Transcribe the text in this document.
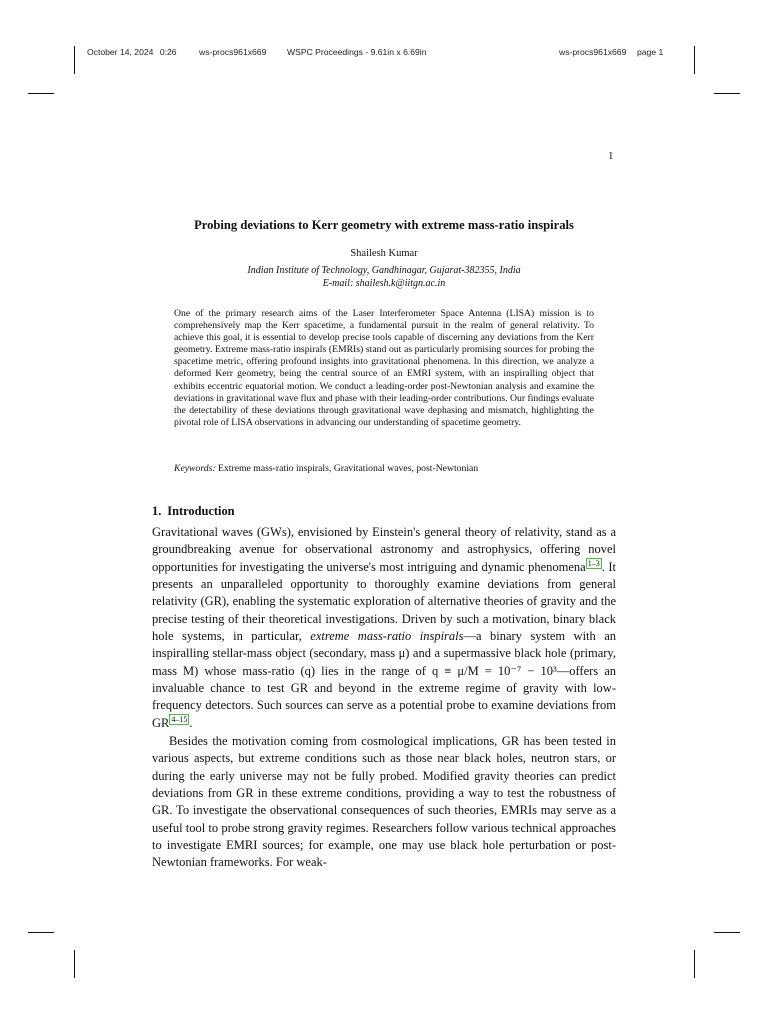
October 14, 2024 0:26	ws-procs961x669 WSPC Proceedings - 9.61in x 6.69in	ws-procs961x669 page 1
1
Probing deviations to Kerr geometry with extreme mass-ratio inspirals
Shailesh Kumar
Indian Institute of Technology, Gandhinagar, Gujarat-382355, India
E-mail: shailesh.k@iitgn.ac.in

One of the primary research aims of the Laser Interferometer Space Antenna (LISA) mission is to comprehensively map the Kerr spacetime, a fundamental pursuit in the realm of general relativity. To achieve this goal, it is essential to develop precise tools capable of discerning any deviations from the Kerr geometry. Extreme mass-ratio inspirals (EMRIs) stand out as particularly promising sources for probing the spacetime metric, offering profound insights into gravitational phenomena. In this direction, we analyze a deformed Kerr geometry, being the central source of an EMRI system, with an inspiralling object that exhibits eccentric equatorial motion. We conduct a leading-order post-Newtonian analysis and examine the deviations in gravitational wave flux and phase with their leading-order contributions. Our findings evaluate the detectability of these deviations through gravitational wave dephasing and mismatch, highlighting the pivotal role of LISA observations in advancing our understanding of spacetime geometry.

Keywords: Extreme mass-ratio inspirals, Gravitational waves, post-Newtonian
1. Introduction

Gravitational waves (GWs), envisioned by Einstein's general theory of relativity, stand as a groundbreaking avenue for observational astronomy and astrophysics, offering novel opportunities for investigating the universe's most intriguing and dynamic phenomena $^{1-3}$ . It presents an unparalleled opportunity to thoroughly examine deviations from general relativity (GR), enabling the systematic exploration of alternative theories of gravity and the precise testing of their theoretical investigations. Driven by such a motivation, binary black hole systems, in particular, extreme mass-ratio inspirals—a binary system with an inspiralling stellar-mass object (secondary, mass μ) and a supermassive black hole (primary, mass M) whose mass-ratio (q) lies in the range of q ≡ μ/M = 10⁻⁷ − 10³—offers an invaluable chance to test GR and beyond in the extreme regime of gravity with low-frequency detectors. Such sources can serve as a potential probe to examine deviations from GR $^{4-15}$ .

Besides the motivation coming from cosmological implications, GR has been tested in various aspects, but extreme conditions such as those near black holes, neutron stars, or during the early universe may not be fully probed. Modified gravity theories can predict deviations from GR in these extreme conditions, providing a way to test the robustness of GR. To investigate the observational consequences of such theories, EMRIs may serve as a useful tool to probe strong gravity regimes. Researchers follow various technical approaches to investigate EMRI sources; for example, one may use black hole perturbation or post-Newtonian frameworks. For weak-
